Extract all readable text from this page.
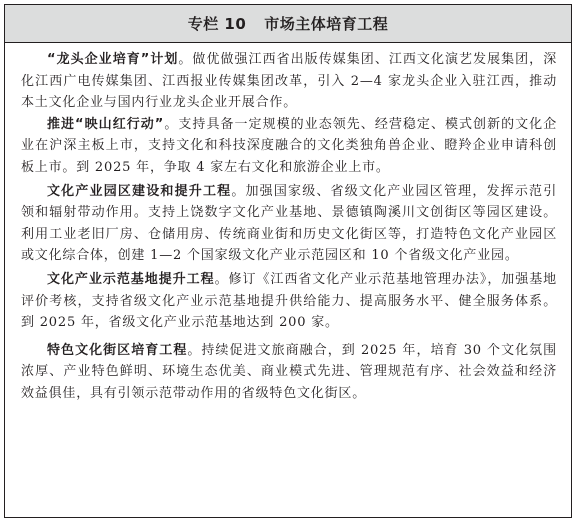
专栏 10 市场主体培育工程

“龙头企业培育”计划。做优做强江西省出版传媒集团、江西文化演艺发展集团，深化江西广电传媒集团、江西报业传媒集团改革，引入 2—4 家龙头企业入驻江西，推动本土文化企业与国内行业龙头企业开展合作。

推进“映山红行动”。支持具备一定规模的业态领先、经营稳定、模式创新的文化企业在沪深主板上市，支持文化和科技深度融合的文化类独角兽企业、瞪羚企业申请科创板上市。到 2025 年，争取 4 家左右文化和旅游企业上市。

文化产业园区建设和提升工程。加强国家级、省级文化产业园区管理，发挥示范引领和辐射带动作用。支持上饶数字文化产业基地、景德镇陶溪川文创街区等园区建设。利用工业老旧厂房、仓储用房、传统商业街和历史文化街区等，打造特色文化产业园区或文化综合体，创建 1—2 个国家级文化产业示范园区和 10 个省级文化产业园。

文化产业示范基地提升工程。修订《江西省文化产业示范基地管理办法》，加强基地评价考核，支持省级文化产业示范基地提升供给能力、提高服务水平、健全服务体系。到 2025 年，省级文化产业示范基地达到 200 家。

特色文化街区培育工程。持续促进文旅商融合，到 2025 年，培育 30 个文化氛围浓厚、产业特色鲜明、环境生态优美、商业模式先进、管理规范有序、社会效益和经济效益俱佳，具有引领示范带动作用的省级特色文化街区。
